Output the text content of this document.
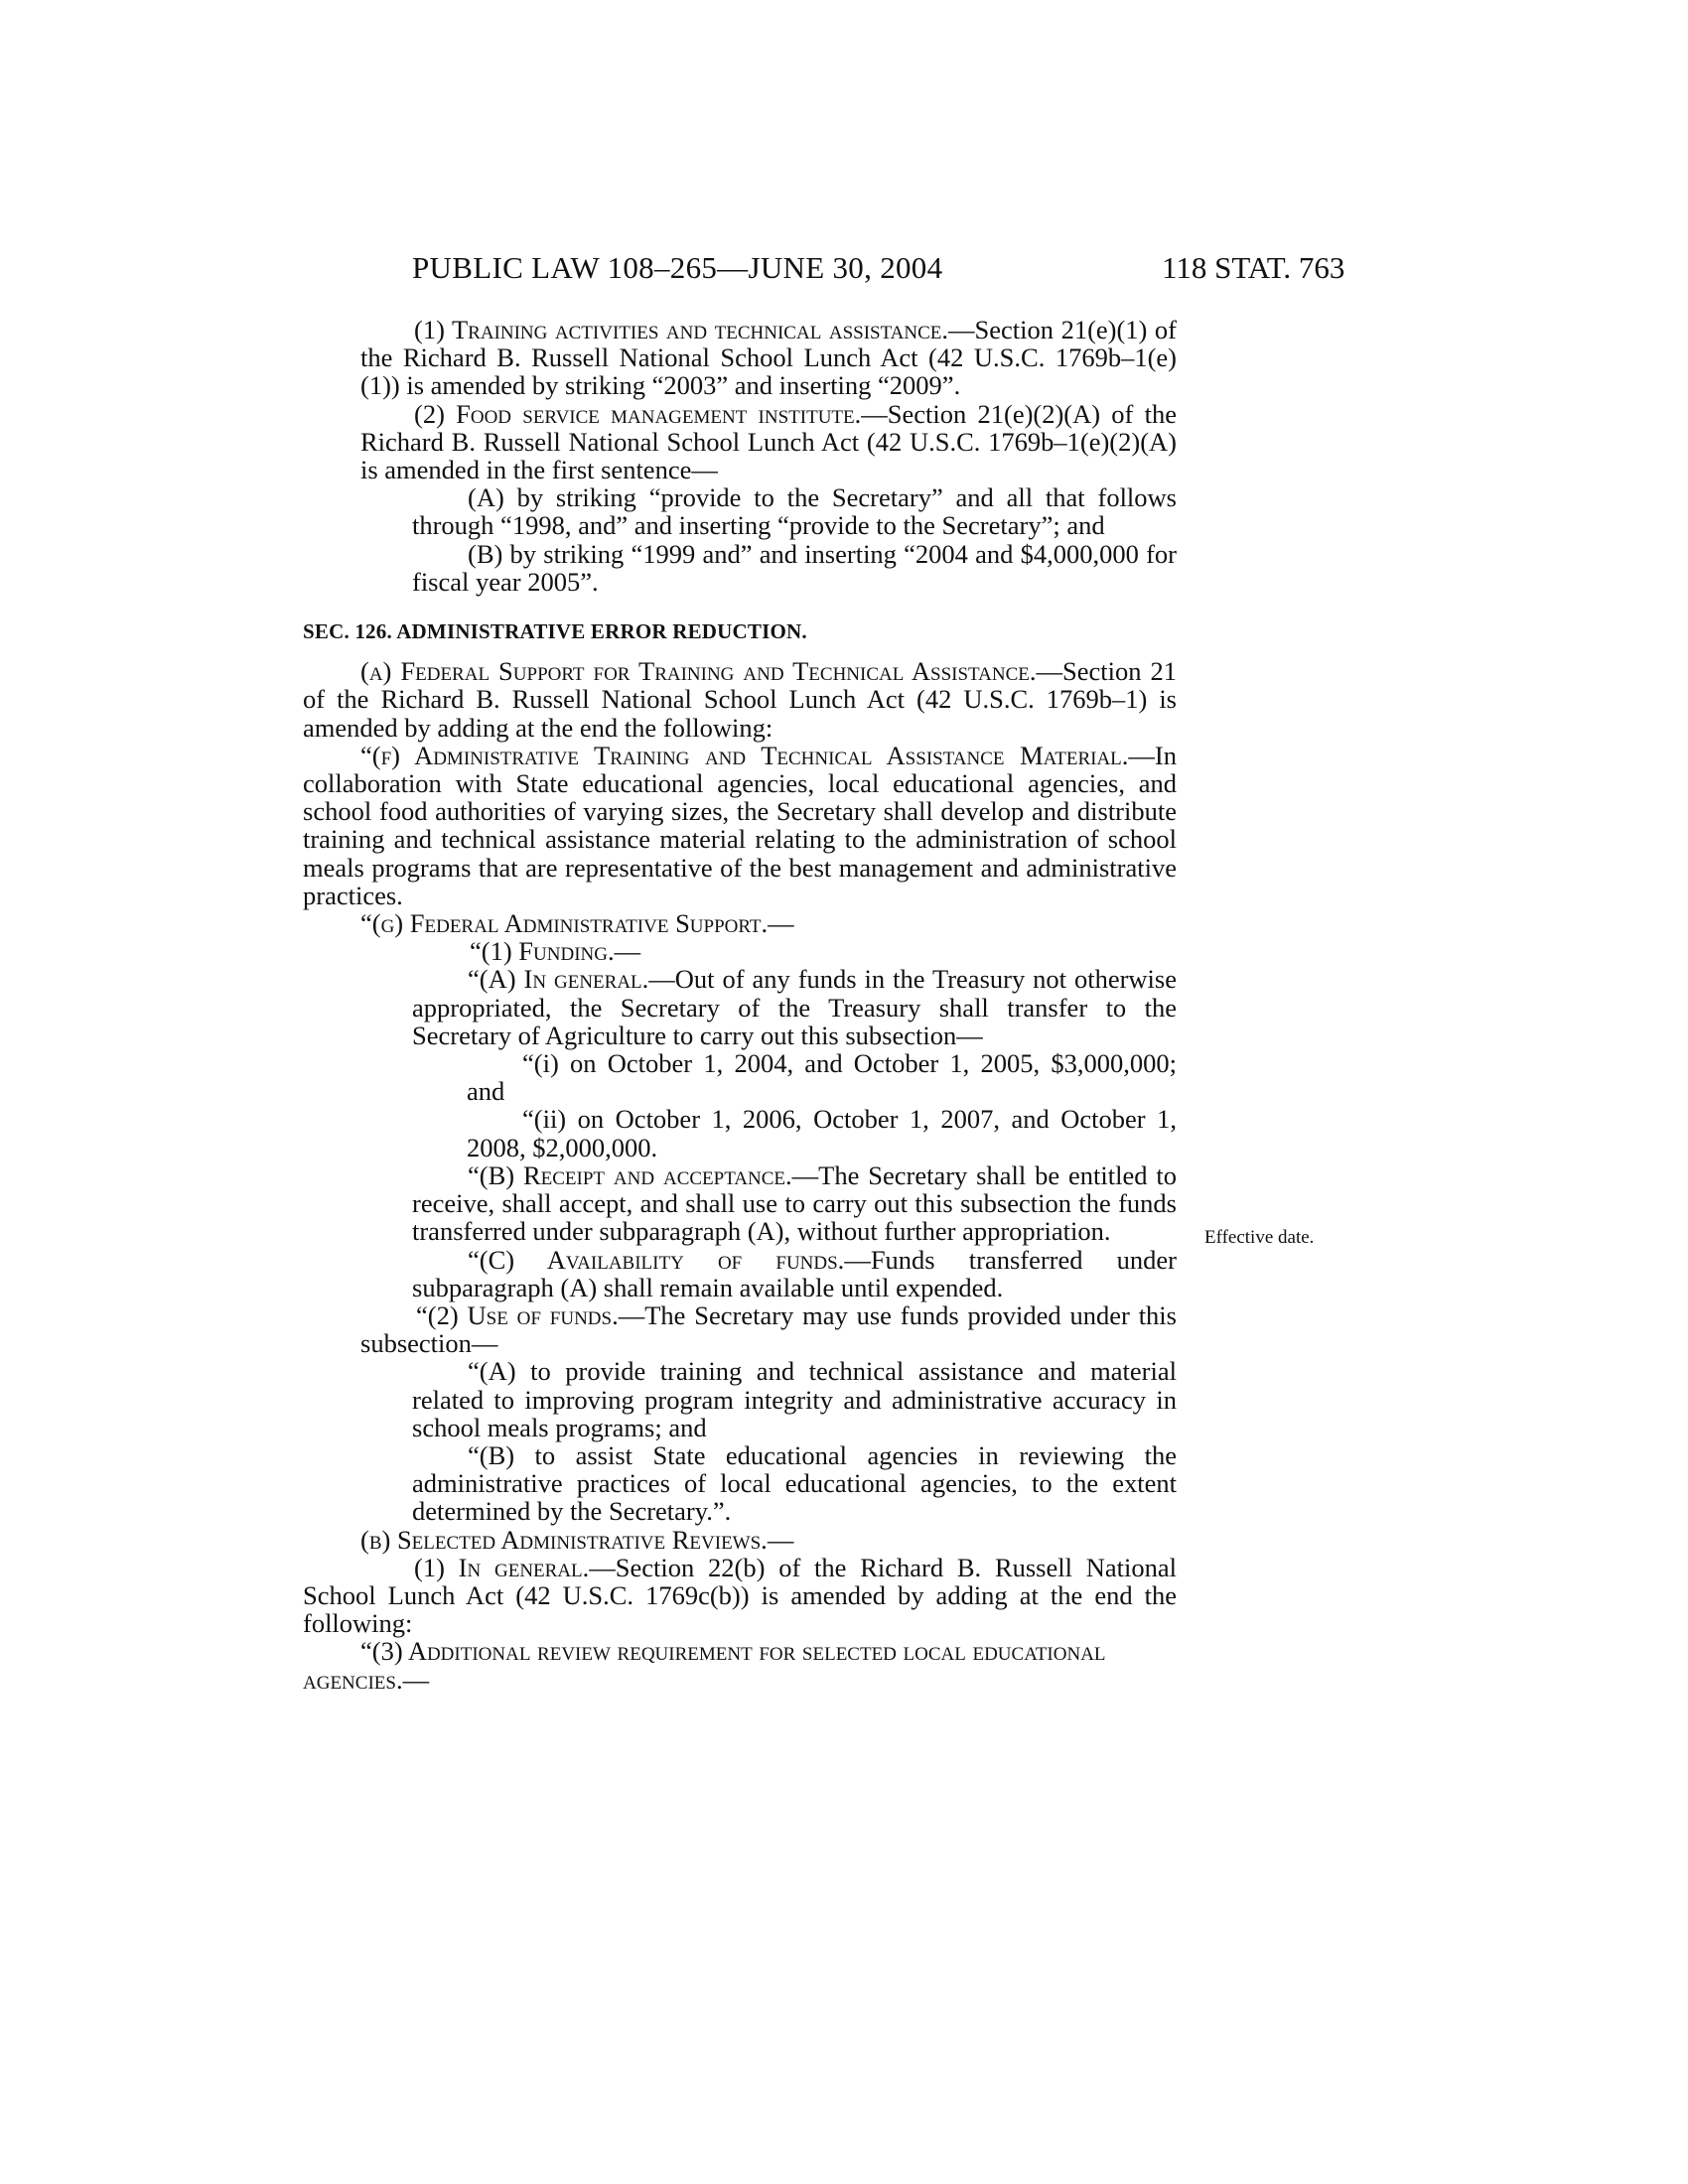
PUBLIC LAW 108–265—JUNE 30, 2004	118 STAT. 763
Effective date.

(1) Training activities and technical assistance.—Section 21(e)(1) of the Richard B. Russell National School Lunch Act (42 U.S.C. 1769b–1(e)(1)) is amended by striking “2003” and inserting “2009”.

(2) Food service management institute.—Section 21(e)(2)(A) of the Richard B. Russell National School Lunch Act (42 U.S.C. 1769b–1(e)(2)(A) is amended in the first sentence—

(A) by striking “provide to the Secretary” and all that follows through “1998, and” and inserting “provide to the Secretary”; and

(B) by striking “1999 and” and inserting “2004 and $4,000,000 for fiscal year 2005”.

SEC. 126. ADMINISTRATIVE ERROR REDUCTION.

(a) Federal Support for Training and Technical Assistance.—Section 21 of the Richard B. Russell National School Lunch Act (42 U.S.C. 1769b–1) is amended by adding at the end the following:

“(f) Administrative Training and Technical Assistance Material.—In collaboration with State educational agencies, local educational agencies, and school food authorities of varying sizes, the Secretary shall develop and distribute training and technical assistance material relating to the administration of school meals programs that are representative of the best management and administrative practices.

“(g) Federal Administrative Support.—

“(1) Funding.—

“(A) In general.—Out of any funds in the Treasury not otherwise appropriated, the Secretary of the Treasury shall transfer to the Secretary of Agriculture to carry out this subsection—

“(i) on October 1, 2004, and October 1, 2005, $3,000,000; and

“(ii) on October 1, 2006, October 1, 2007, and October 1, 2008, $2,000,000.

“(B) Receipt and acceptance.—The Secretary shall be entitled to receive, shall accept, and shall use to carry out this subsection the funds transferred under subparagraph (A), without further appropriation.

“(C) Availability of funds.—Funds transferred under subparagraph (A) shall remain available until expended.

“(2) Use of funds.—The Secretary may use funds provided under this subsection—

“(A) to provide training and technical assistance and material related to improving program integrity and administrative accuracy in school meals programs; and

“(B) to assist State educational agencies in reviewing the administrative practices of local educational agencies, to the extent determined by the Secretary.”.

(b) Selected Administrative Reviews.—

(1) In general.—Section 22(b) of the Richard B. Russell National School Lunch Act (42 U.S.C. 1769c(b)) is amended by adding at the end the following:

“(3) Additional review requirement for selected local educational agencies.—
